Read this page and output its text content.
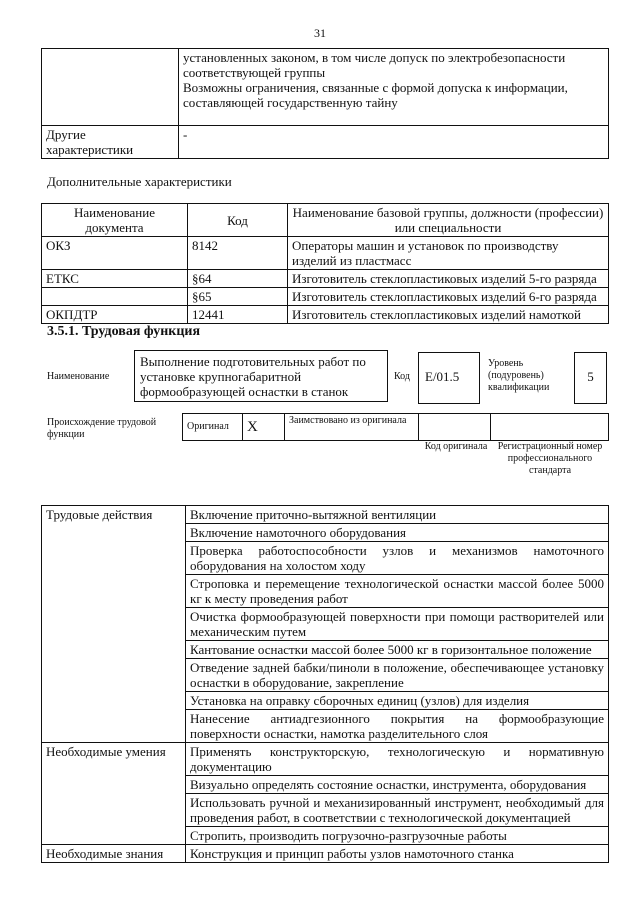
31
	установленных законом, в том числе допуск по электробезопасности соответствующей группы
Возможны ограничения, связанные с формой допуска к информации, составляющей государственную тайну
Другие характеристики	-
Дополнительные характеристики
Наименование документа	Код	Наименование базовой группы, должности (профессии) или специальности
ОКЗ	8142	Операторы машин и установок по производству изделий из пластмасс
ЕТКС	§64	Изготовитель стеклопластиковых изделий 5-го разряда
	§65	Изготовитель стеклопластиковых изделий 6-го разряда
ОКПДТР	12441	Изготовитель стеклопластиковых изделий намоткой
3.5.1. Трудовая функция
Наименование
Выполнение подготовительных работ по установке крупногабаритной формообразующей оснастки в станок
Код	E/01.5
Уровень (подуровень) квалификации
5
Происхождение трудовой функции
Оригинал	X	Заимствовано из оригинала		
Код оригинала	Регистрационный номер профессионального стандарта
Трудовые действия	Включение приточно-вытяжной вентиляции
	Включение намоточного оборудования
	Проверка работоспособности узлов и механизмов намоточного оборудования на холостом ходу
	Строповка и перемещение технологической оснастки массой более 5000 кг к месту проведения работ
	Очистка формообразующей поверхности при помощи растворителей или механическим путем
	Кантование оснастки массой более 5000 кг в горизонтальное положение
	Отведение задней бабки/пиноли в положение, обеспечивающее установку оснастки в оборудование, закрепление
	Установка на оправку сборочных единиц (узлов) для изделия
	Нанесение антиадгезионного покрытия на формообразующие поверхности оснастки, намотка разделительного слоя
Необходимые умения	Применять конструкторскую, технологическую и нормативную документацию
	Визуально определять состояние оснастки, инструмента, оборудования
	Использовать ручной и механизированный инструмент, необходимый для проведения работ, в соответствии с технологической документацией
	Стропить, производить погрузочно-разгрузочные работы
Необходимые знания	Конструкция и принцип работы узлов намоточного станка
